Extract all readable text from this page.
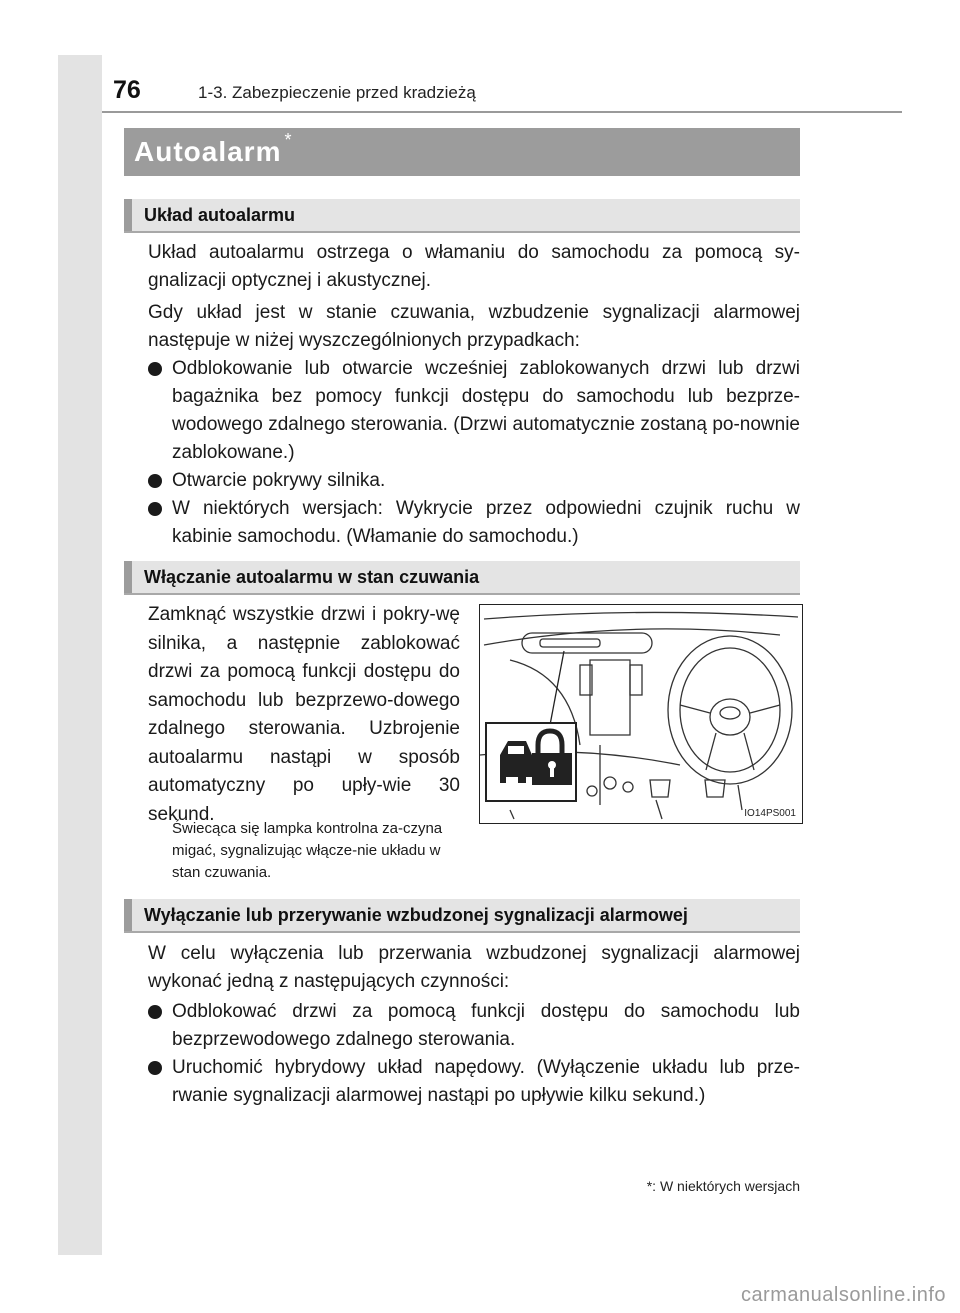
76	1-3. Zabezpieczenie przed kradzieżą
Autoalarm *
Układ autoalarmu
Układ autoalarmu ostrzega o włamaniu do samochodu za pomocą sy-gnalizacji optycznej i akustycznej.
Gdy układ jest w stanie czuwania, wzbudzenie sygnalizacji alarmowej następuje w niżej wyszczególnionych przypadkach:
Odblokowanie lub otwarcie wcześniej zablokowanych drzwi lub drzwi bagażnika bez pomocy funkcji dostępu do samochodu lub bezprze-wodowego zdalnego sterowania. (Drzwi automatycznie zostaną po-nownie zablokowane.)
Otwarcie pokrywy silnika.
W niektórych wersjach: Wykrycie przez odpowiedni czujnik ruchu w kabinie samochodu. (Włamanie do samochodu.)
Włączanie autoalarmu w stan czuwania
Zamknąć wszystkie drzwi i pokry-wę silnika, a następnie zablokować drzwi za pomocą funkcji dostępu do samochodu lub bezprzewo-dowego zdalnego sterowania. Uzbrojenie autoalarmu nastąpi w sposób automatyczny po upły-wie 30 sekund.
Świecąca się lampka kontrolna za-czyna migać, sygnalizując włącze-nie układu w stan czuwania.
IO14PS001
Wyłączanie lub przerywanie wzbudzonej sygnalizacji alarmowej
W celu wyłączenia lub przerwania wzbudzonej sygnalizacji alarmowej wykonać jedną z następujących czynności:
Odblokować drzwi za pomocą funkcji dostępu do samochodu lub bezprzewodowego zdalnego sterowania.
Uruchomić hybrydowy układ napędowy. (Wyłączenie układu lub prze-rwanie sygnalizacji alarmowej nastąpi po upływie kilku sekund.)
*: W niektórych wersjach
carmanualsonline.info
